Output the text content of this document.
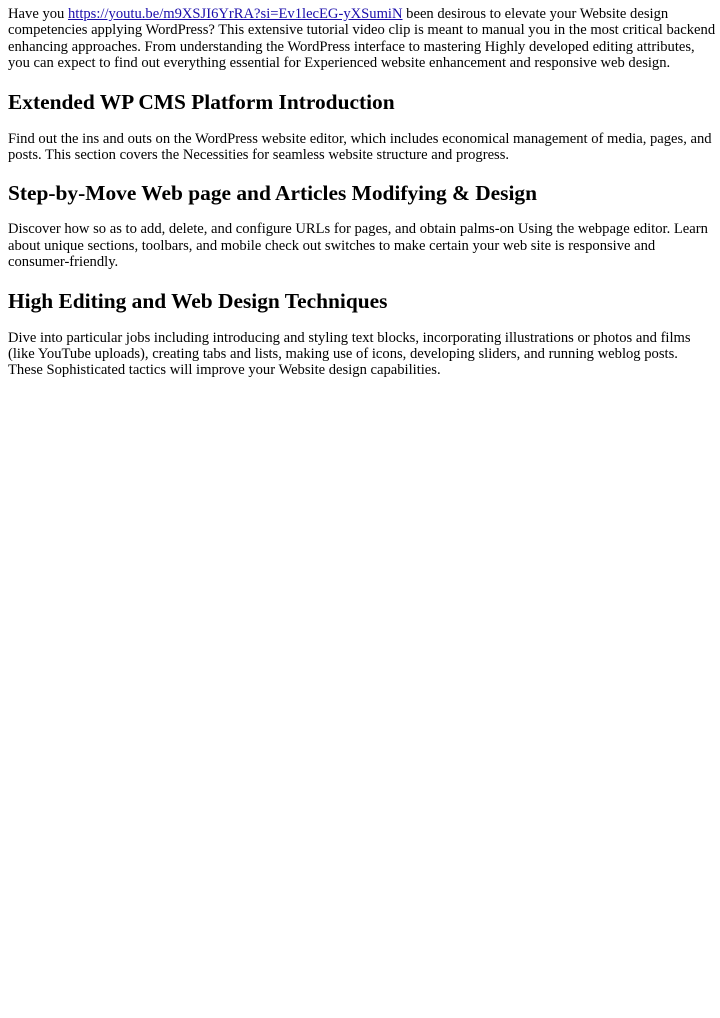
Have you https://youtu.be/m9XSJI6YrRA?si=Ev1lecEG-yXSumiN been desirous to elevate your Website design competencies applying WordPress? This extensive tutorial video clip is meant to manual you in the most critical backend enhancing approaches. From understanding the WordPress interface to mastering Highly developed editing attributes, you can expect to find out everything essential for Experienced website enhancement and responsive web design.

Extended WP CMS Platform Introduction

Find out the ins and outs on the WordPress website editor, which includes economical management of media, pages, and posts. This section covers the Necessities for seamless website structure and progress.

Step-by-Move Web page and Articles Modifying & Design

Discover how so as to add, delete, and configure URLs for pages, and obtain palms-on Using the webpage editor. Learn about unique sections, toolbars, and mobile check out switches to make certain your web site is responsive and consumer-friendly.

High Editing and Web Design Techniques

Dive into particular jobs including introducing and styling text blocks, incorporating illustrations or photos and films (like YouTube uploads), creating tabs and lists, making use of icons, developing sliders, and running weblog posts. These Sophisticated tactics will improve your Website design capabilities.
